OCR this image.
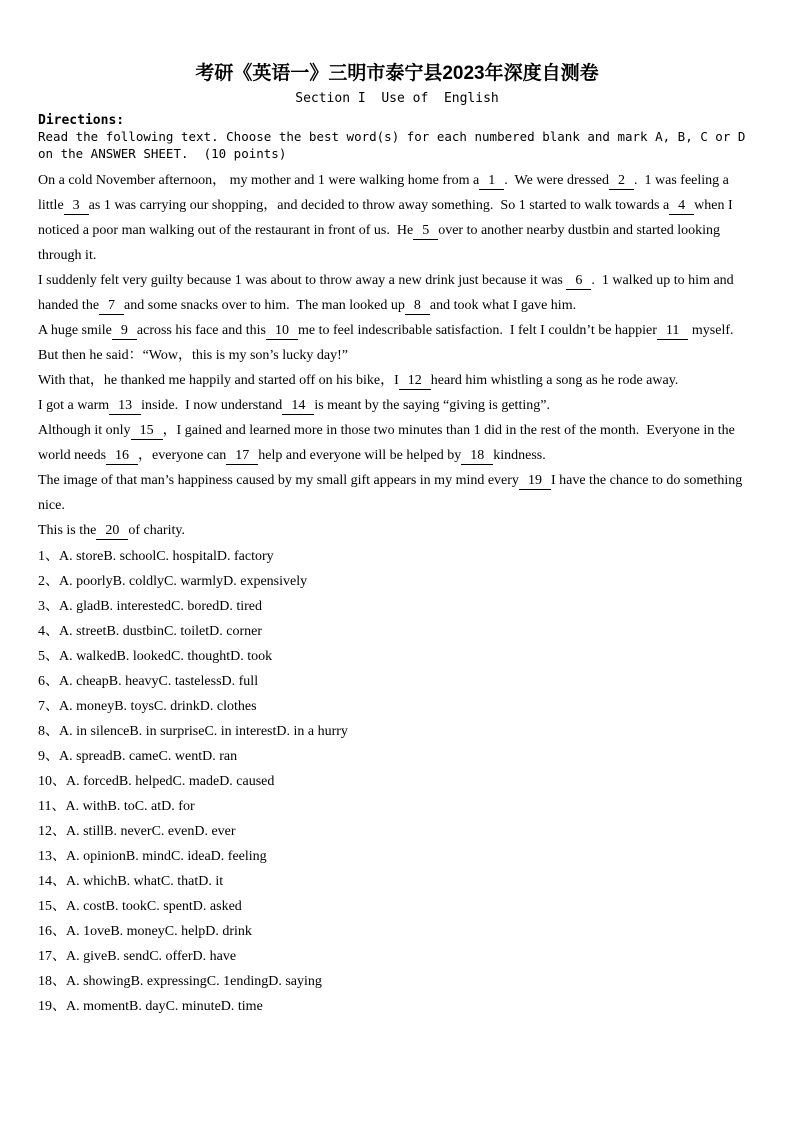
考研《英语一》三明市泰宁县2023年深度自测卷
Section I  Use of  English
Directions:
Read the following text. Choose the best word(s) for each numbered blank and mark A, B, C or D on the ANSWER SHEET.  (10 points)

On a cold November afternoon， my mother and 1 were walking home from a 1 .  We were dressed 2 .  1 was feeling a little 3 as 1 was carrying our shopping，and decided to throw away something.  So 1 started to walk towards a 4 when I noticed a poor man walking out of the restaurant in front of us.  He 5 over to another nearby dustbin and started looking through it.

I suddenly felt very guilty because 1 was about to throw away a new drink just because it was 6 .  1 walked up to him and handed the 7 and some snacks over to him.  The man looked up 8 and took what I gave him.

A huge smile 9 across his face and this 10 me to feel indescribable satisfaction.  I felt I couldn’t be happier 11 myself.  But then he said：“Wow，this is my son’s lucky day!”

With that，he thanked me happily and started off on his bike，I 12 heard him whistling a song as he rode away.

I got a warm 13 inside.  I now understand 14 is meant by the saying “giving is getting”.

Although it only 15 ，I gained and learned more in those two minutes than 1 did in the rest of the month.  Everyone in the world needs 16 ，everyone can 17 help and everyone will be helped by 18 kindness.

The image of that man’s happiness caused by my small gift appears in my mind every 19 I have the chance to do something nice.

This is the 20 of charity.

1、A. storeB. schoolC. hospitalD. factory
2、A. poorlyB. coldlyC. warmlyD. expensively
3、A. gladB. interestedC. boredD. tired
4、A. streetB. dustbinC. toiletD. corner
5、A. walkedB. lookedC. thoughtD. took
6、A. cheapB. heavyC. tastelessD. full
7、A. moneyB. toysC. drinkD. clothes
8、A. in silenceB. in surpriseC. in interestD. in a hurry
9、A. spreadB. cameC. wentD. ran
10、A. forcedB. helpedC. madeD. caused
11、A. withB. toC. atD. for
12、A. stillB. neverC. evenD. ever
13、A. opinionB. mindC. ideaD. feeling
14、A. whichB. whatC. thatD. it
15、A. costB. tookC. spentD. asked
16、A. 1oveB. moneyC. helpD. drink
17、A. giveB. sendC. offerD. have
18、A. showingB. expressingC. 1endingD. saying
19、A. momentB. dayC. minuteD. time
